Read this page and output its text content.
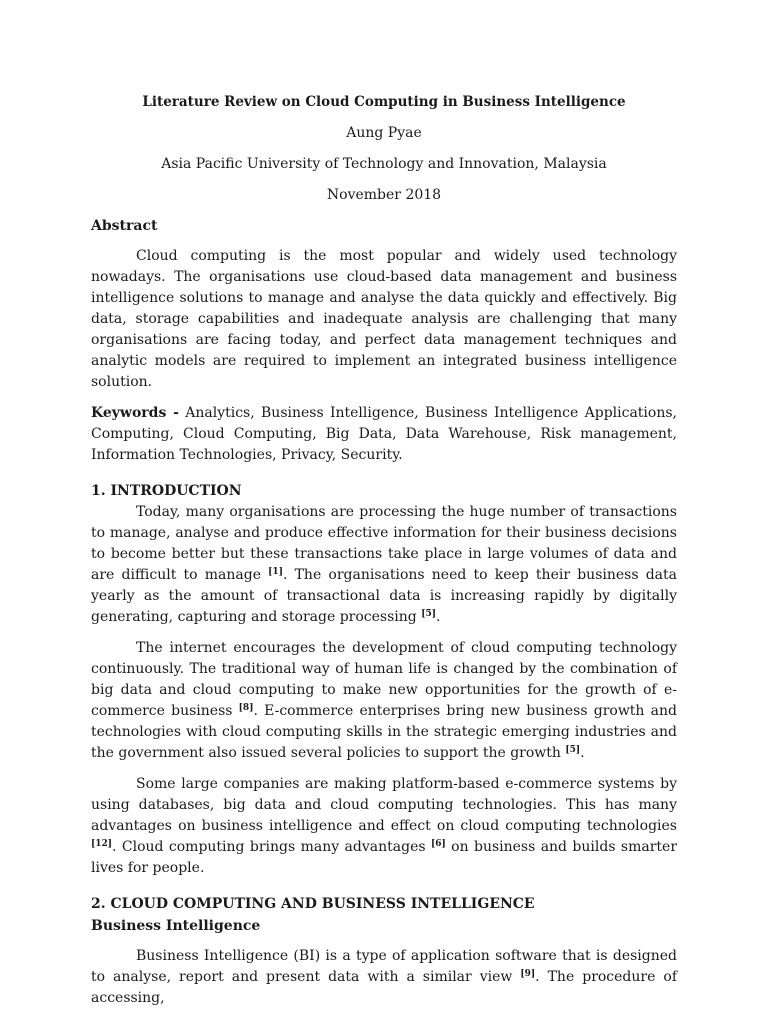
Literature Review on Cloud Computing in Business Intelligence
Aung Pyae
Asia Pacific University of Technology and Innovation, Malaysia
November 2018
Abstract

Cloud computing is the most popular and widely used technology nowadays. The organisations use cloud-based data management and business intelligence solutions to manage and analyse the data quickly and effectively. Big data, storage capabilities and inadequate analysis are challenging that many organisations are facing today, and perfect data management techniques and analytic models are required to implement an integrated business intelligence solution.

Keywords - Analytics, Business Intelligence, Business Intelligence Applications, Computing, Cloud Computing, Big Data, Data Warehouse, Risk management, Information Technologies, Privacy, Security.

1. INTRODUCTION

Today, many organisations are processing the huge number of transactions to manage, analyse and produce effective information for their business decisions to become better but these transactions take place in large volumes of data and are difficult to manage [1]. The organisations need to keep their business data yearly as the amount of transactional data is increasing rapidly by digitally generating, capturing and storage processing [5].

The internet encourages the development of cloud computing technology continuously. The traditional way of human life is changed by the combination of big data and cloud computing to make new opportunities for the growth of e-commerce business [8]. E-commerce enterprises bring new business growth and technologies with cloud computing skills in the strategic emerging industries and the government also issued several policies to support the growth [5].

Some large companies are making platform-based e-commerce systems by using databases, big data and cloud computing technologies. This has many advantages on business intelligence and effect on cloud computing technologies [12]. Cloud computing brings many advantages [6] on business and builds smarter lives for people.

2. CLOUD COMPUTING AND BUSINESS INTELLIGENCE
Business Intelligence

Business Intelligence (BI) is a type of application software that is designed to analyse, report and present data with a similar view [9]. The procedure of accessing,
